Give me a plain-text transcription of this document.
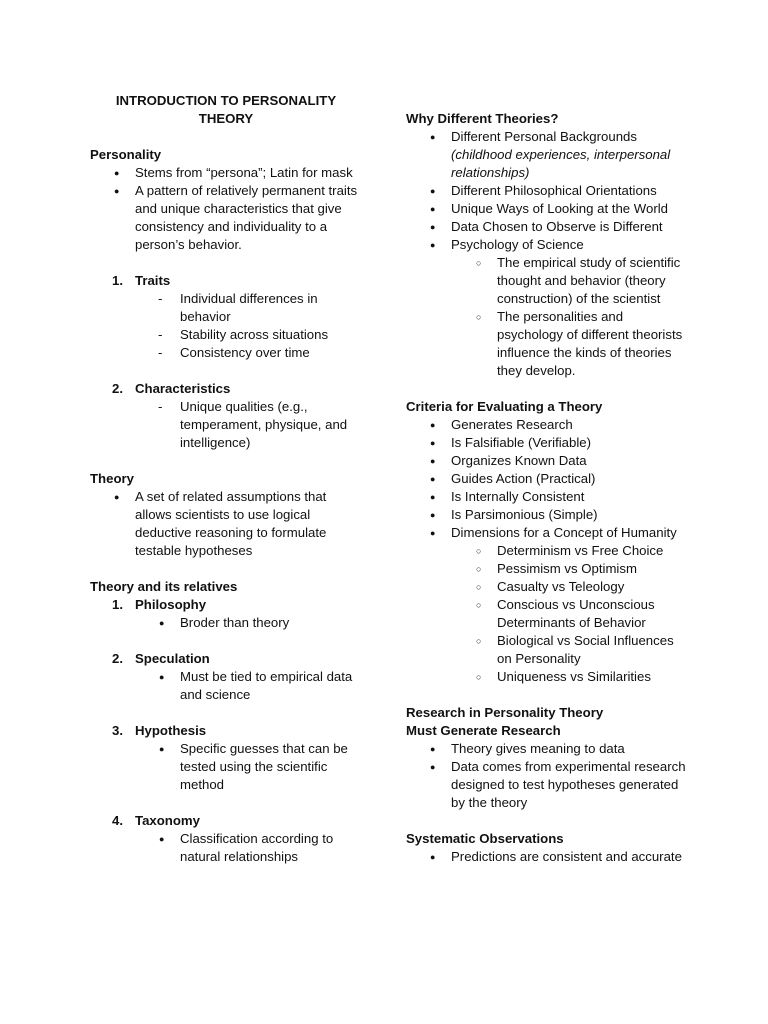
INTRODUCTION TO PERSONALITY THEORY
Personality
● Stems from “persona”; Latin for mask
● A pattern of relatively permanent traits and unique characteristics that give consistency and individuality to a person’s behavior.
1. Traits
- Individual differences in behavior
- Stability across situations
- Consistency over time
2. Characteristics
- Unique qualities (e.g., temperament, physique, and intelligence)
Theory
● A set of related assumptions that allows scientists to use logical deductive reasoning to formulate testable hypotheses
Theory and its relatives
1. Philosophy
● Broder than theory
2. Speculation
● Must be tied to empirical data and science
3. Hypothesis
● Specific guesses that can be tested using the scientific method
4. Taxonomy
● Classification according to natural relationships
Why Different Theories?
● Different Personal Backgrounds
(childhood experiences, interpersonal relationships)
● Different Philosophical Orientations
● Unique Ways of Looking at the World
● Data Chosen to Observe is Different
● Psychology of Science
○ The empirical study of scientific thought and behavior (theory construction) of the scientist
○ The personalities and psychology of different theorists influence the kinds of theories they develop.
Criteria for Evaluating a Theory
● Generates Research
● Is Falsifiable (Verifiable)
● Organizes Known Data
● Guides Action (Practical)
● Is Internally Consistent
● Is Parsimonious (Simple)
● Dimensions for a Concept of Humanity
○ Determinism vs Free Choice
○ Pessimism vs Optimism
○ Casualty vs Teleology
○ Conscious vs Unconscious Determinants of Behavior
○ Biological vs Social Influences on Personality
○ Uniqueness vs Similarities
Research in Personality Theory
Must Generate Research
● Theory gives meaning to data
● Data comes from experimental research designed to test hypotheses generated by the theory
Systematic Observations
● Predictions are consistent and accurate
